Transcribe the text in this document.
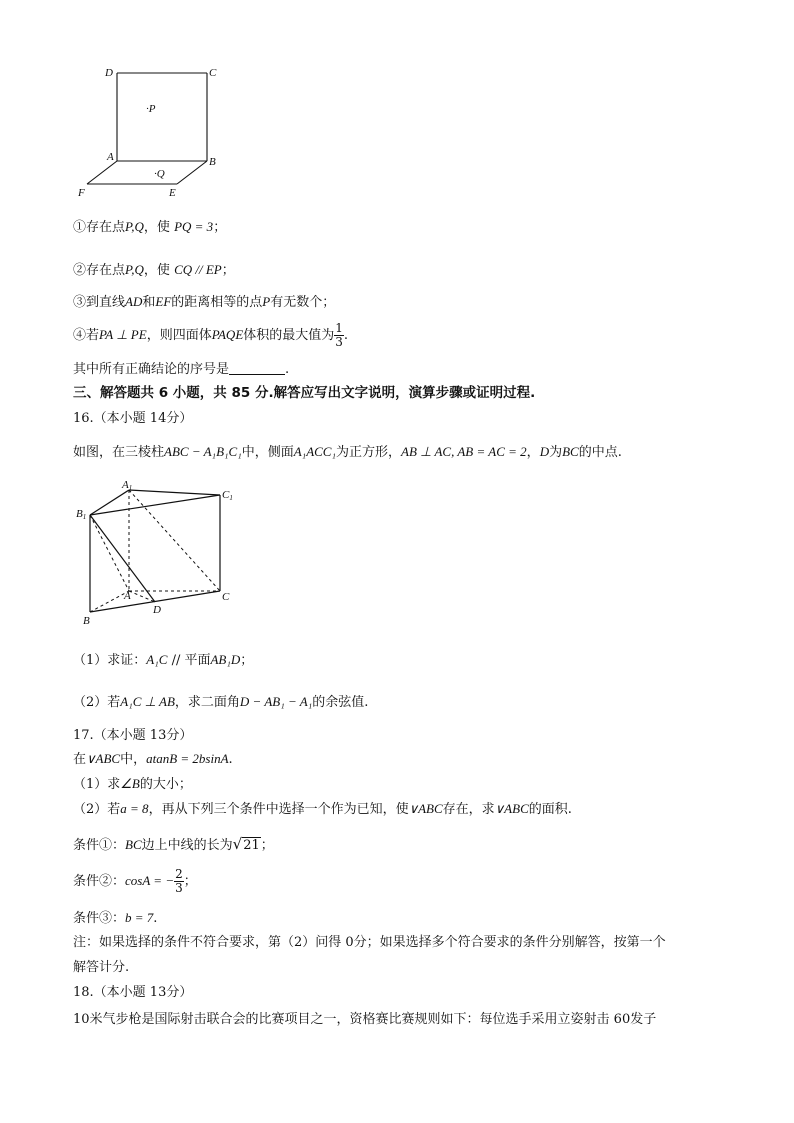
D	C
·P
A	B
·Q
F	E
①存在点P,Q，使 PQ = 3；
②存在点P,Q，使 CQ // EP；
③到直线AD和EF的距离相等的点P有无数个；
④若PA ⊥ PE，则四面体PAQE体积的最大值为 $\frac{1}{3}$ .
其中所有正确结论的序号是	.
三、解答题共 6 小题，共 85 分.解答应写出文字说明，演算步骤或证明过程.
16.（本小题 14分）
如图，在三棱柱ABC − A₁B₁C₁中，侧面A₁ACC₁为正方形，AB ⊥ AC, AB = AC = 2，D为BC的中点.
A1
C1
B1
A
D
C
B
（1）求证：A₁C // 平面AB₁D；
（2）若A₁C ⊥ AB，求二面角D − AB₁ − A₁的余弦值.
17.（本小题 13分）
在∨ABC中，atanB = 2bsinA.
（1）求∠B的大小；
（2）若a = 8，再从下列三个条件中选择一个作为已知，使∨ABC存在，求∨ABC的面积.
条件①：BC边上中线的长为√21；
条件②：cosA = − $\frac{2}{3}$ ；
条件③：b = 7.
注：如果选择的条件不符合要求，第（2）问得 0分；如果选择多个符合要求的条件分别解答，按第一个
解答计分.
18.（本小题 13分）
10米气步枪是国际射击联合会的比赛项目之一，资格赛比赛规则如下：每位选手采用立姿射击 60发子
